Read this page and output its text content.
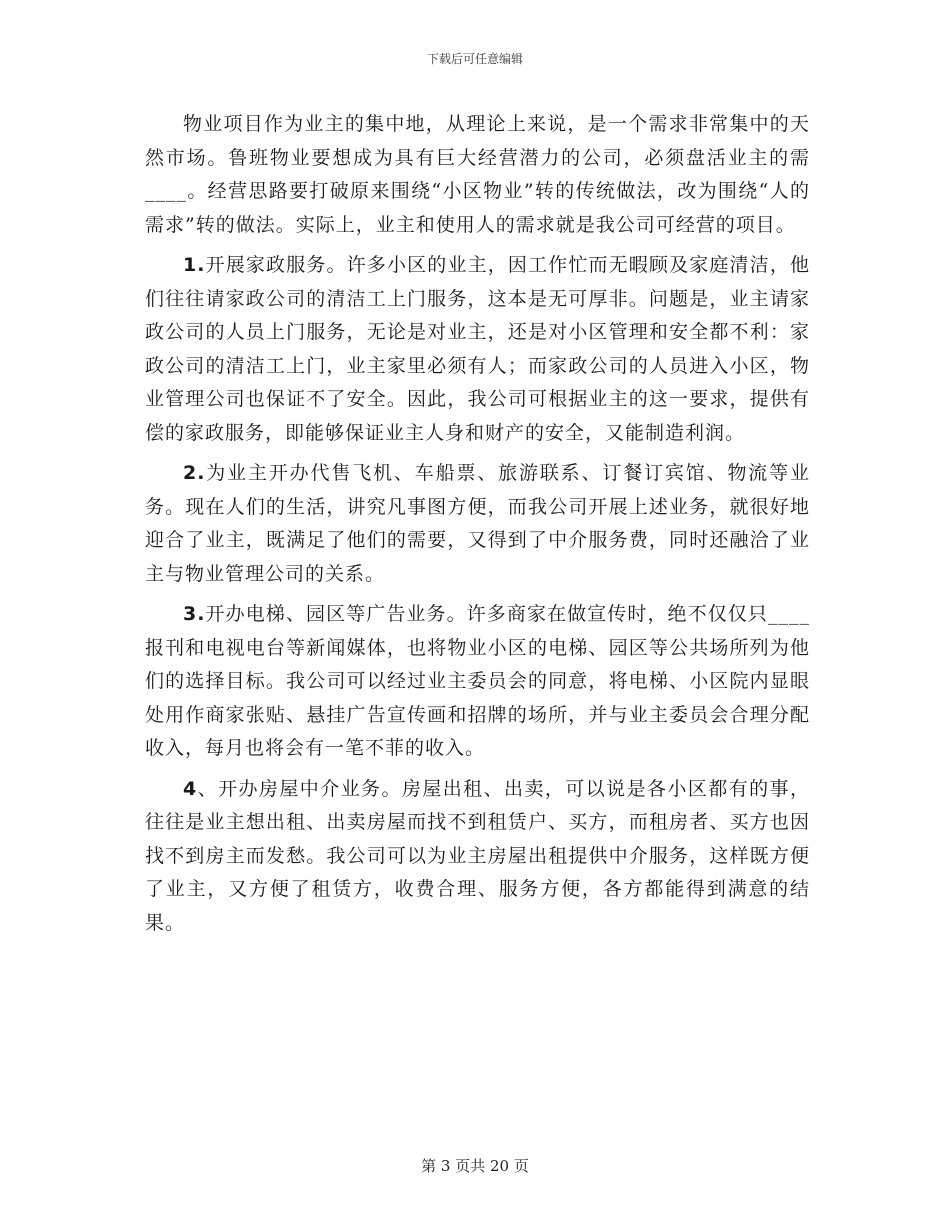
下载后可任意编辑

物业项目作为业主的集中地，从理论上来说，是一个需求非常集中的天然市场。鲁班物业要想成为具有巨大经营潜力的公司，必须盘活业主的需____。经营思路要打破原来围绕“小区物业”转的传统做法，改为围绕“人的需求”转的做法。实际上，业主和使用人的需求就是我公司可经营的项目。

1.开展家政服务。许多小区的业主，因工作忙而无暇顾及家庭清洁，他们往往请家政公司的清洁工上门服务，这本是无可厚非。问题是，业主请家政公司的人员上门服务，无论是对业主，还是对小区管理和安全都不利：家政公司的清洁工上门，业主家里必须有人；而家政公司的人员进入小区，物业管理公司也保证不了安全。因此，我公司可根据业主的这一要求，提供有偿的家政服务，即能够保证业主人身和财产的安全，又能制造利润。

2.为业主开办代售飞机、车船票、旅游联系、订餐订宾馆、物流等业务。现在人们的生活，讲究凡事图方便，而我公司开展上述业务，就很好地迎合了业主，既满足了他们的需要，又得到了中介服务费，同时还融洽了业主与物业管理公司的关系。

3.开办电梯、园区等广告业务。许多商家在做宣传时，绝不仅仅只____报刊和电视电台等新闻媒体，也将物业小区的电梯、园区等公共场所列为他们的选择目标。我公司可以经过业主委员会的同意，将电梯、小区院内显眼处用作商家张贴、悬挂广告宣传画和招牌的场所，并与业主委员会合理分配收入，每月也将会有一笔不菲的收入。

4、开办房屋中介业务。房屋出租、出卖，可以说是各小区都有的事，往往是业主想出租、出卖房屋而找不到租赁户、买方，而租房者、买方也因找不到房主而发愁。我公司可以为业主房屋出租提供中介服务，这样既方便了业主，又方便了租赁方，收费合理、服务方便，各方都能得到满意的结果。

第 3 页共 20 页
